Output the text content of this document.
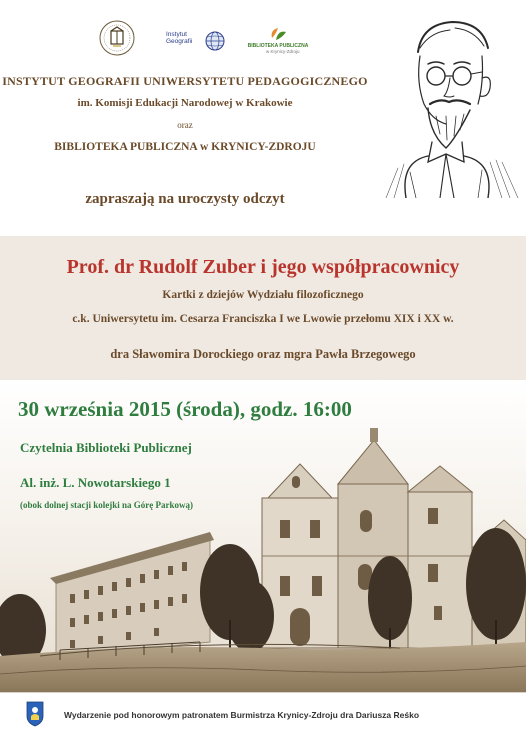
Instytut
Geografii
BIBLIOTEKA PUBLICZNA
w Krynicy-Zdroju
INSTYTUT GEOGRAFII UNIWERSYTETU PEDAGOGICZNEGO
im. Komisji Edukacji Narodowej w Krakowie
oraz
BIBLIOTEKA PUBLICZNA w KRYNICY-ZDROJU
zapraszają na uroczysty odczyt
Prof. dr Rudolf Zuber i jego współpracownicy
Kartki z dziejów Wydziału filozoficznego
c.k. Uniwersytetu im. Cesarza Franciszka I we Lwowie przełomu XIX i XX w.
dra Sławomira Dorockiego oraz mgra Pawła Brzegowego
30 września 2015 (środa), godz. 16:00
Czytelnia Biblioteki Publicznej
Al. inż. L. Nowotarskiego 1
(obok dolnej stacji kolejki na Górę Parkową)
Wydarzenie pod honorowym patronatem Burmistrza Krynicy-Zdroju dra Dariusza Reśko
